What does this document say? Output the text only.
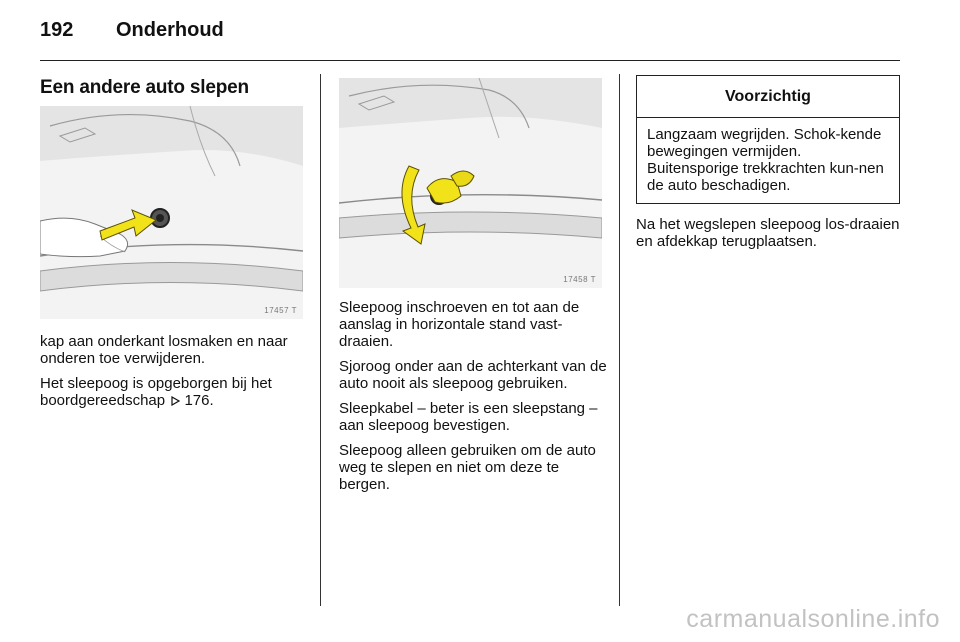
192 Onderhoud
Een andere auto slepen
17457 T

kap aan onderkant losmaken en naar onderen toe verwijderen.

Het sleepoog is opgeborgen bij het boordgereedschap 176.

17458 T

Sleepoog inschroeven en tot aan de aanslag in horizontale stand vast-draaien.

Sjoroog onder aan de achterkant van de auto nooit als sleepoog gebruiken.

Sleepkabel – beter is een sleepstang – aan sleepoog bevestigen.

Sleepoog alleen gebruiken om de auto weg te slepen en niet om deze te bergen.

Voorzichtig
Langzaam wegrijden. Schok-kende bewegingen vermijden. Buitensporige trekkrachten kun-nen de auto beschadigen.

Na het wegslepen sleepoog los-draaien en afdekkap terugplaatsen.

carmanualsonline.info
